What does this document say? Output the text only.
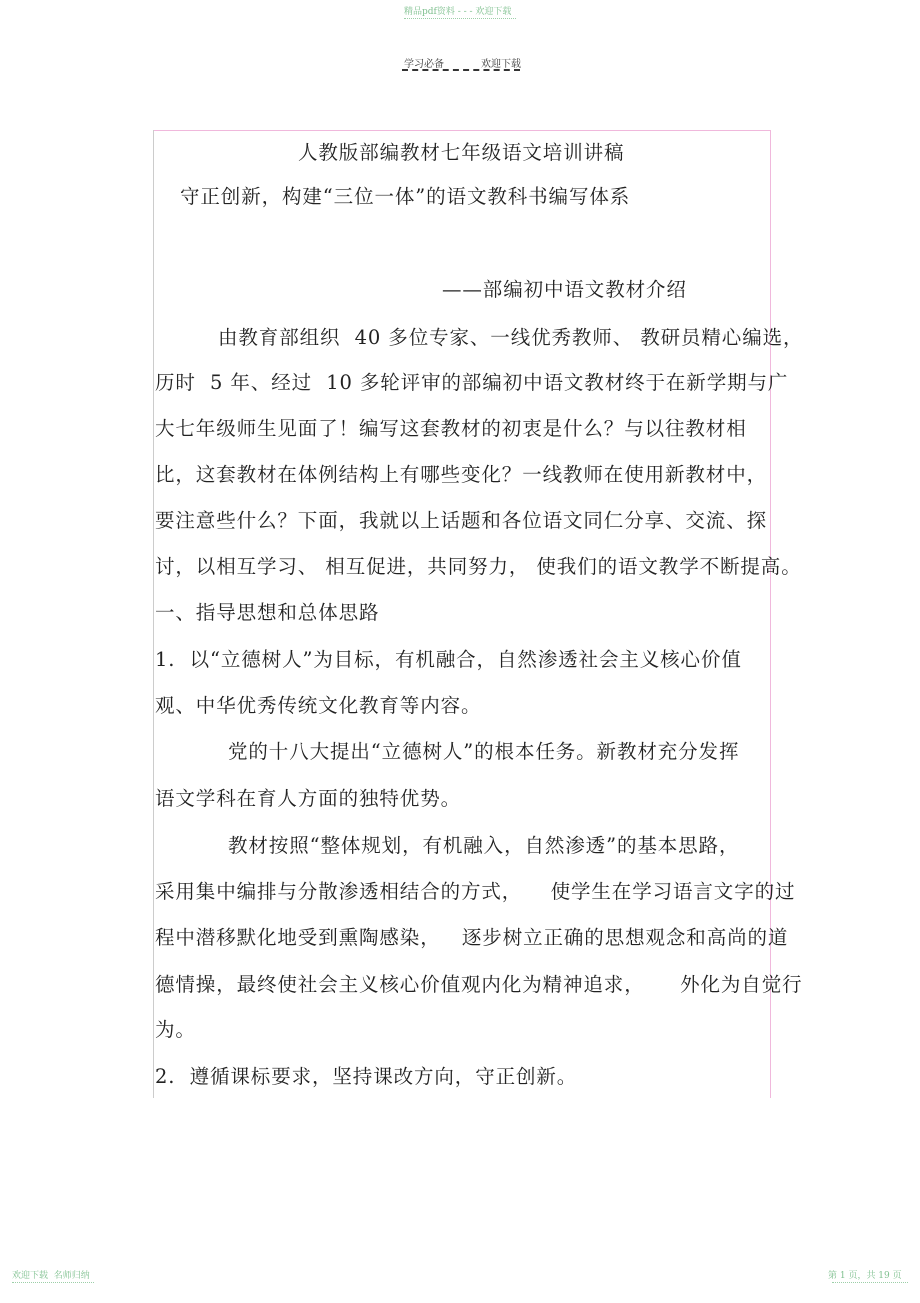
精品pdf资料 - - - 欢迎下载
学习必备	欢迎下载
人教版部编教材七年级语文培训讲稿
守正创新，构建“三位一体”的语文教科书编写体系
——部编初中语文教材介绍
由教育部组织  40 多位专家、一线优秀教师、 教研员精心编选，
历时  5 年、经过  10 多轮评审的部编初中语文教材终于在新学期与广
大七年级师生见面了！编写这套教材的初衷是什么？与以往教材相
比，这套教材在体例结构上有哪些变化？一线教师在使用新教材中，
要注意些什么？下面，我就以上话题和各位语文同仁分享、交流、探
讨，以相互学习、 相互促进，共同努力， 使我们的语文教学不断提高。
一、指导思想和总体思路
1.  以“立德树人”为目标，有机融合，自然渗透社会主义核心价值
观、中华优秀传统文化教育等内容。
党的十八大提出“立德树人”的根本任务。新教材充分发挥
语文学科在育人方面的独特优势。
教材按照“整体规划，有机融入，自然渗透”的基本思路，
采用集中编排与分散渗透相结合的方式，    使学生在学习语言文字的过
程中潜移默化地受到熏陶感染，   逐步树立正确的思想观念和高尚的道
德情操，最终使社会主义核心价值观内化为精神追求，     外化为自觉行
为。
2.  遵循课标要求，坚持课改方向，守正创新。
欢迎下载  名师归纳	第 1 页，共 19 页
